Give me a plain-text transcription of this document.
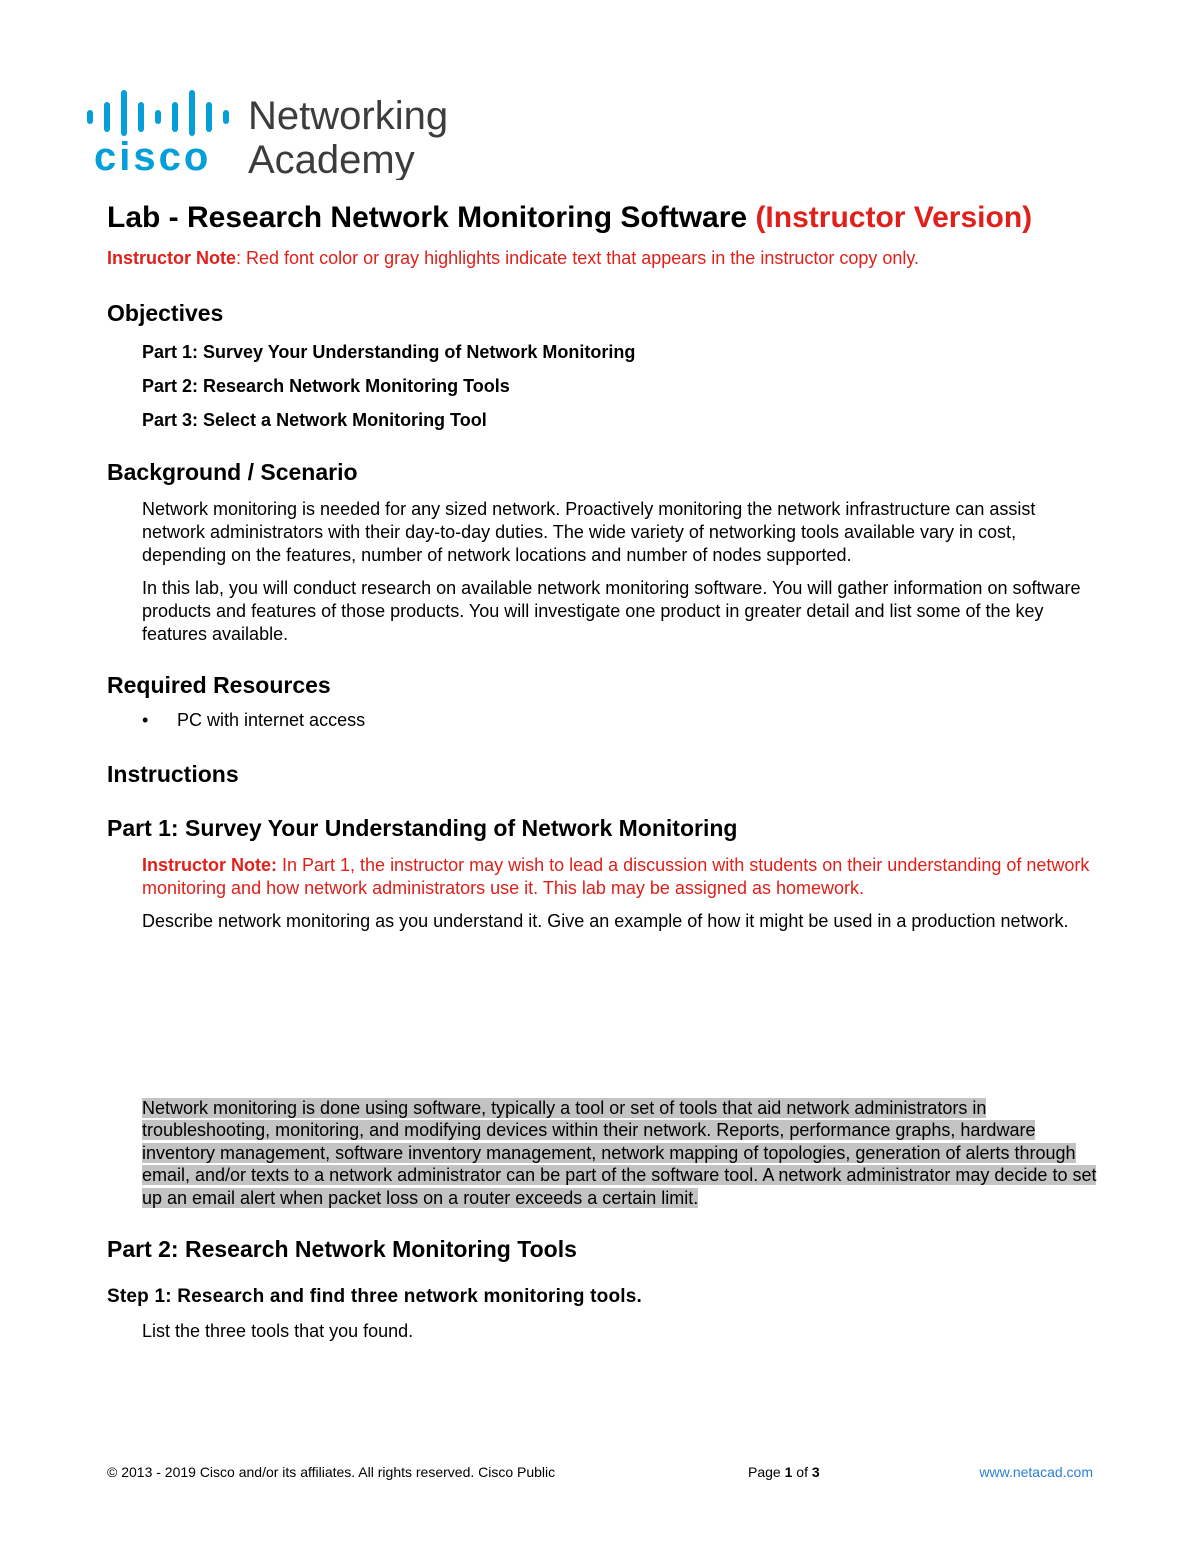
cisco
Networking
Academy
Lab - Research Network Monitoring Software (Instructor Version)

Instructor Note: Red font color or gray highlights indicate text that appears in the instructor copy only.

Objectives

Part 1: Survey Your Understanding of Network Monitoring

Part 2: Research Network Monitoring Tools

Part 3: Select a Network Monitoring Tool

Background / Scenario

Network monitoring is needed for any sized network. Proactively monitoring the network infrastructure can assist network administrators with their day-to-day duties. The wide variety of networking tools available vary in cost, depending on the features, number of network locations and number of nodes supported.

In this lab, you will conduct research on available network monitoring software. You will gather information on software products and features of those products. You will investigate one product in greater detail and list some of the key features available.

Required Resources
•	PC with internet access
Instructions
Part 1: Survey Your Understanding of Network Monitoring

Instructor Note: In Part 1, the instructor may wish to lead a discussion with students on their understanding of network monitoring and how network administrators use it. This lab may be assigned as homework.

Describe network monitoring as you understand it. Give an example of how it might be used in a production network.

Network monitoring is done using software, typically a tool or set of tools that aid network administrators in troubleshooting, monitoring, and modifying devices within their network. Reports, performance graphs, hardware inventory management, software inventory management, network mapping of topologies, generation of alerts through email, and/or texts to a network administrator can be part of the software tool. A network administrator may decide to set up an email alert when packet loss on a router exceeds a certain limit.

Part 2: Research Network Monitoring Tools
Step 1: Research and find three network monitoring tools.

List the three tools that you found.

© 2013 - 2019 Cisco and/or its affiliates. All rights reserved. Cisco Public	Page 1 of 3	www.netacad.com
